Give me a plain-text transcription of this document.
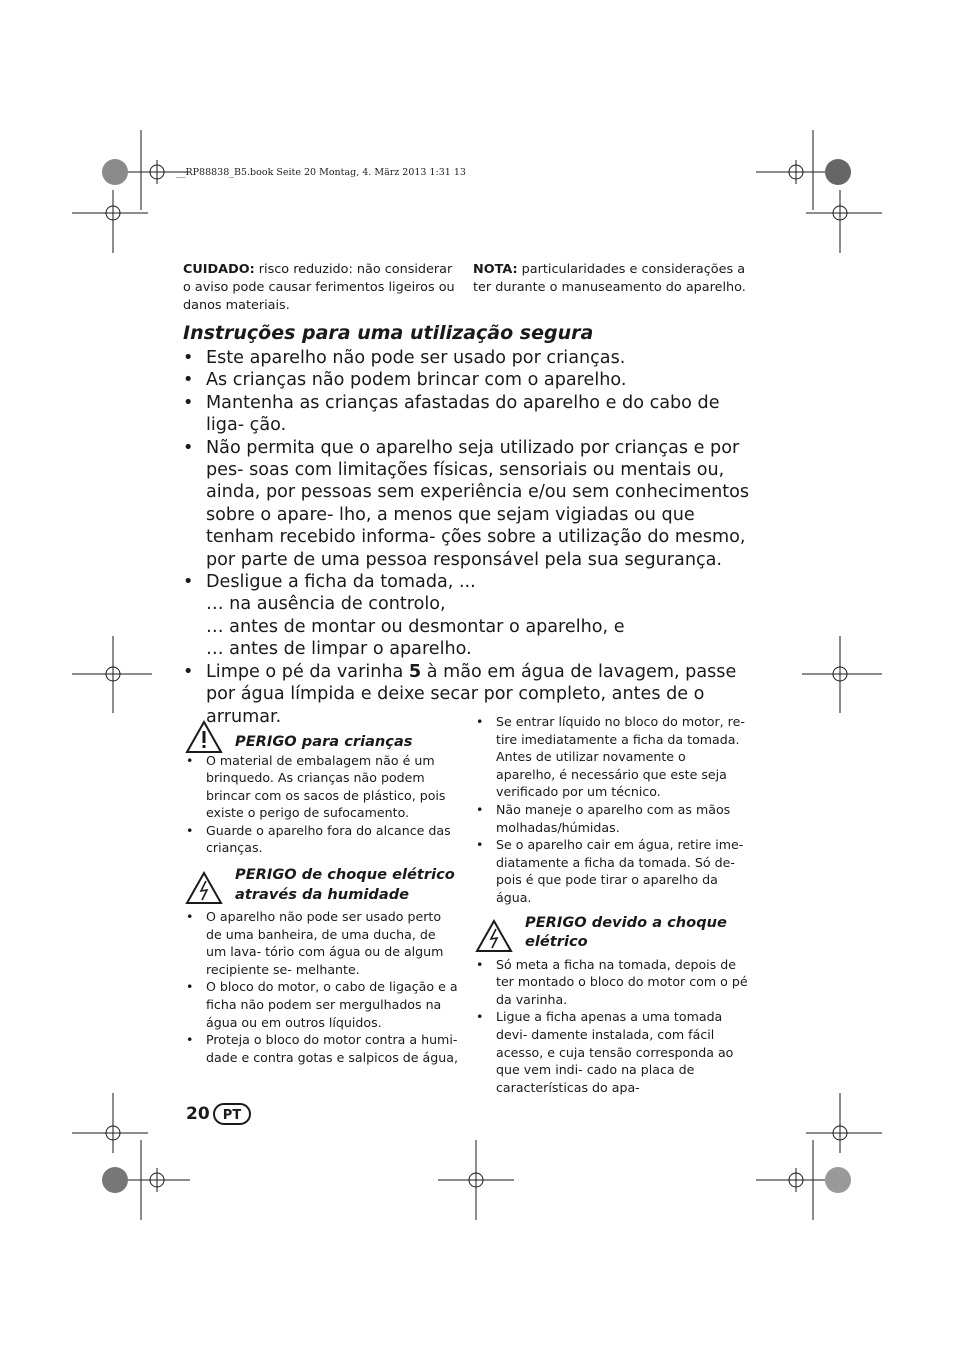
__RP88838_B5.book Seite 20 Montag, 4. März 2013 1:31 13
CUIDADO: risco reduzido: não considerar o aviso pode causar ferimentos ligeiros ou danos materiais.
NOTA: particularidades e considerações a ter durante o manuseamento do aparelho.
Instruções para uma utilização segura
• Este aparelho não pode ser usado por crianças.
• As crianças não podem brincar com o aparelho.
• Mantenha as crianças afastadas do aparelho e do cabo de liga- ção.
• Não permita que o aparelho seja utilizado por crianças e por pes- soas com limitações físicas, sensoriais ou mentais ou, ainda, por pessoas sem experiência e/ou sem conhecimentos sobre o apare- lho, a menos que sejam vigiadas ou que tenham recebido informa- ções sobre a utilização do mesmo, por parte de uma pessoa responsável pela sua segurança.
• Desligue a ficha da tomada, ...
… na ausência de controlo,
… antes de montar ou desmontar o aparelho, e
… antes de limpar o aparelho.
• Limpe o pé da varinha 5 à mão em água de lavagem, passe por água límpida e deixe secar por completo, antes de o arrumar.
PERIGO para crianças
• O material de embalagem não é um brinquedo. As crianças não podem brincar com os sacos de plástico, pois existe o perigo de sufocamento.
• Guarde o aparelho fora do alcance das crianças.
PERIGO de choque elétrico através da humidade
• O aparelho não pode ser usado perto de uma banheira, de uma ducha, de um lava- tório com água ou de algum recipiente se- melhante.
• O bloco do motor, o cabo de ligação e a ficha não podem ser mergulhados na água ou em outros líquidos.
• Proteja o bloco do motor contra a humi- dade e contra gotas e salpicos de água,
• Se entrar líquido no bloco do motor, re- tire imediatamente a ficha da tomada. Antes de utilizar novamente o aparelho, é necessário que este seja verificado por um técnico.
• Não maneje o aparelho com as mãos molhadas/húmidas.
• Se o aparelho cair em água, retire ime- diatamente a ficha da tomada. Só de- pois é que pode tirar o aparelho da água.
PERIGO devido a choque elétrico
• Só meta a ficha na tomada, depois de ter montado o bloco do motor com o pé da varinha.
• Ligue a ficha apenas a uma tomada devi- damente instalada, com fácil acesso, e cuja tensão corresponda ao que vem indi- cado na placa de características do apa-
20	PT
